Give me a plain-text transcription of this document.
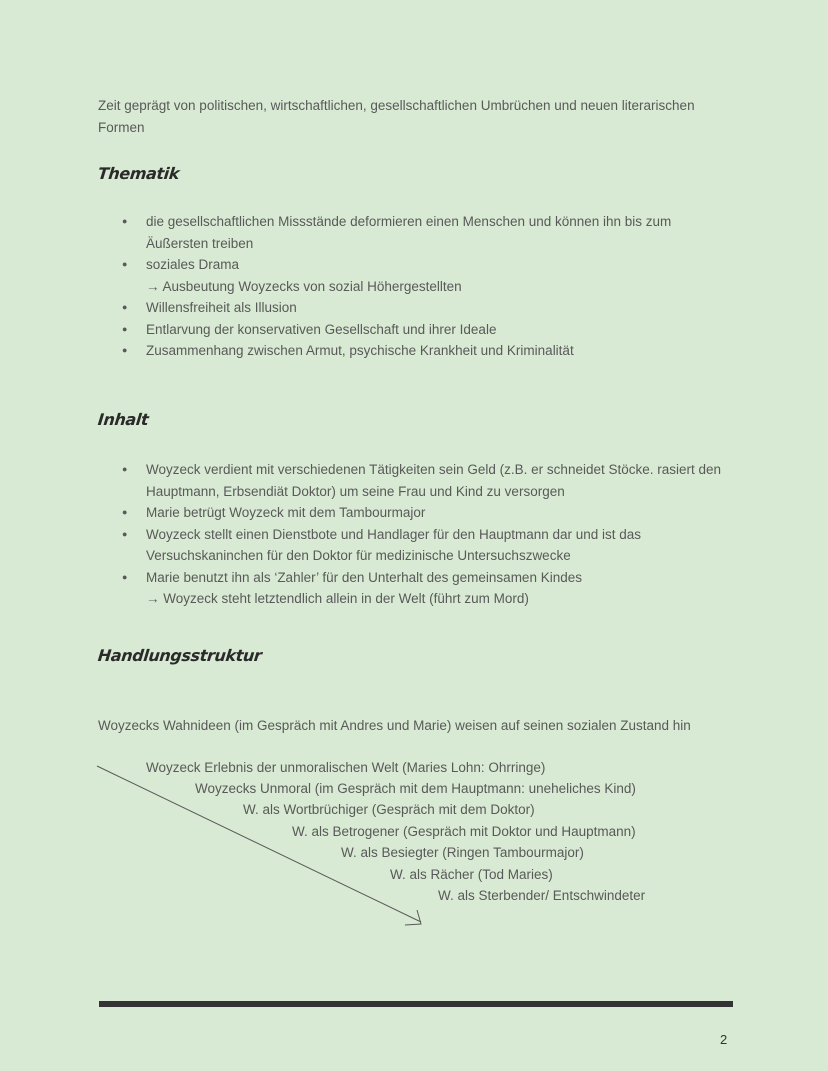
Zeit geprägt von politischen, wirtschaftlichen, gesellschaftlichen Umbrüchen und neuen literarischen Formen

Thematik
● die gesellschaftlichen Missstände deformieren einen Menschen und können ihn bis zum Äußersten treiben
● soziales Drama
→ Ausbeutung Woyzecks von sozial Höhergestellten
● Willensfreiheit als Illusion
● Entlarvung der konservativen Gesellschaft und ihrer Ideale
● Zusammenhang zwischen Armut, psychische Krankheit und Kriminalität
Inhalt
● Woyzeck verdient mit verschiedenen Tätigkeiten sein Geld (z.B. er schneidet Stöcke. rasiert den Hauptmann, Erbsendiät Doktor) um seine Frau und Kind zu versorgen
● Marie betrügt Woyzeck mit dem Tambourmajor
● Woyzeck stellt einen Dienstbote und Handlager für den Hauptmann dar und ist das Versuchskaninchen für den Doktor für medizinische Untersuchszwecke
● Marie benutzt ihn als ‘Zahler’ für den Unterhalt des gemeinsamen Kindes
→ Woyzeck steht letztendlich allein in der Welt (führt zum Mord)
Handlungsstruktur

Woyzecks Wahnideen (im Gespräch mit Andres und Marie) weisen auf seinen sozialen Zustand hin

Woyzeck Erlebnis der unmoralischen Welt (Maries Lohn: Ohrringe)
Woyzecks Unmoral (im Gespräch mit dem Hauptmann: uneheliches Kind)
W. als Wortbrüchiger (Gespräch mit dem Doktor)
W. als Betrogener (Gespräch mit Doktor und Hauptmann)
W. als Besiegter (Ringen Tambourmajor)
W. als Rächer (Tod Maries)
W. als Sterbender/ Entschwindeter
2
